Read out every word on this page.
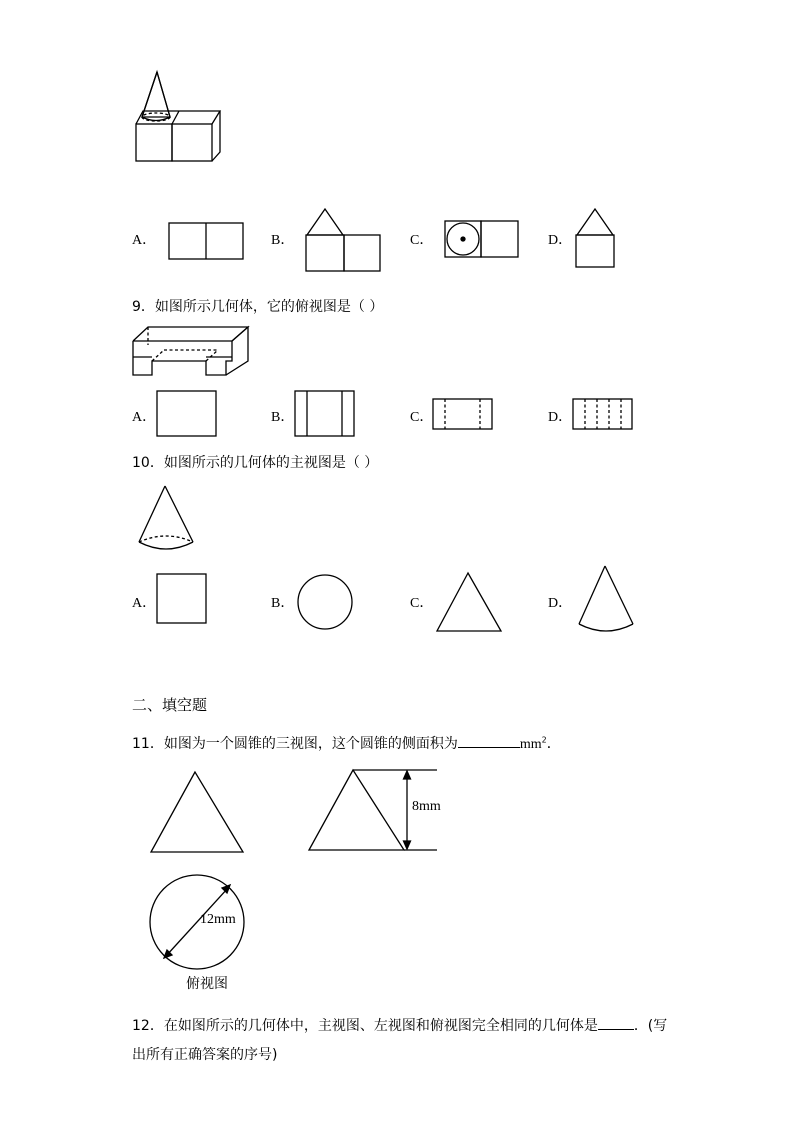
A．	B．	C．	D．
9．如图所示几何体，它的俯视图是（ ）
A．	B．	C．	D．
10．如图所示的几何体的主视图是（ ）
A．	B．	C．	D．
二、填空题
11．如图为一个圆锥的三视图，这个圆锥的侧面积为	$mm^2$．
8mm
12mm
俯视图
12．在如图所示的几何体中，主视图、左视图和俯视图完全相同的几何体是	．(写
出所有正确答案的序号)
